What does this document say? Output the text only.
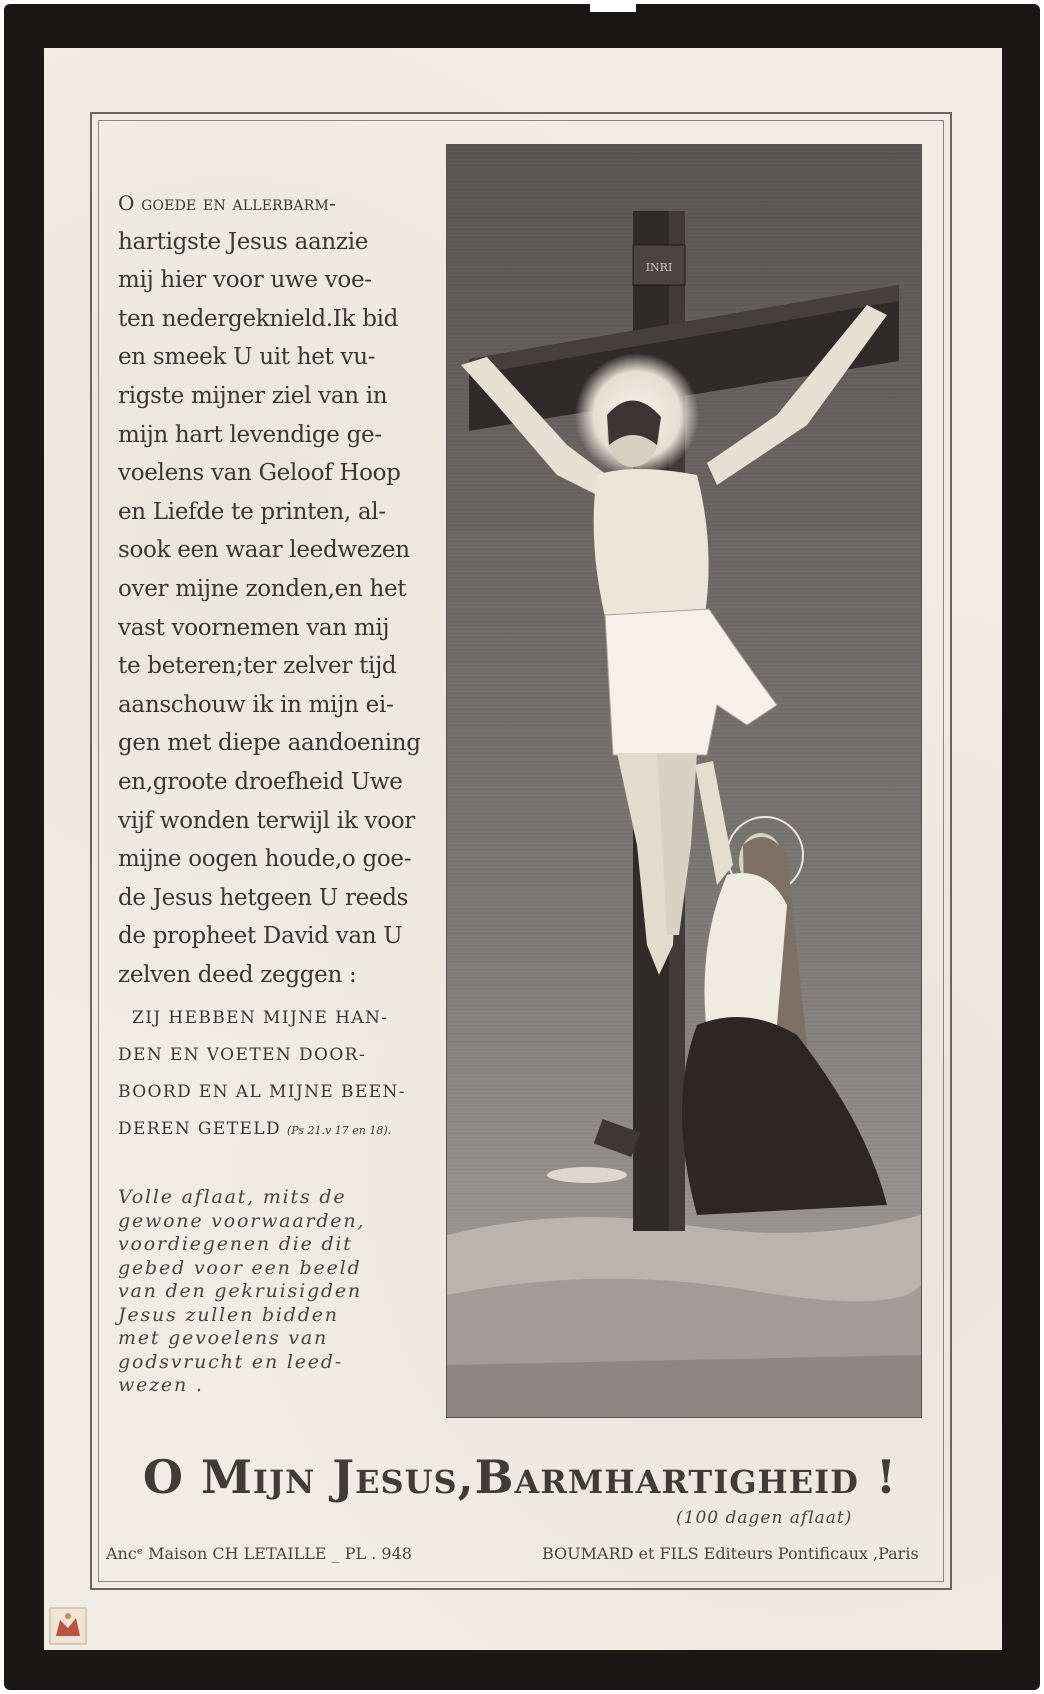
O goede en allerbarm-
hartigste Jesus aanzie
mij hier voor uwe voe-
ten nedergeknield.Ik bid
en smeek U uit het vu-
rigste mijner ziel van in
mijn hart levendige ge-
voelens van Geloof Hoop
en Liefde te printen, al-
sook een waar leedwezen
over mijne zonden,en het
vast voornemen van mij
te beteren;ter zelver tijd
aanschouw ik in mijn ei-
gen met diepe aandoening
en,groote droefheid Uwe
vijf wonden terwijl ik voor
mijne oogen houde,o goe-
de Jesus hetgeen U reeds
de propheet David van U
zelven deed zeggen :
ZIJ HEBBEN MIJNE HAN-
DEN EN VOETEN DOOR-
BOORD EN AL MIJNE BEEN-
DEREN GETELD (Ps 21.v 17 en 18).
Volle aflaat, mits de
gewone voorwaarden,
voordiegenen die dit
gebed voor een beeld
van den gekruisigden
Jesus zullen bidden
met gevoelens van
godsvrucht en leed-
wezen .
INRI
O Mijn Jesus,Barmhartigheid !
(100 dagen aflaat)
Ancᵉ Maison CH LETAILLE _ PL . 948	BOUMARD et FILS Editeurs Pontificaux ,Paris
